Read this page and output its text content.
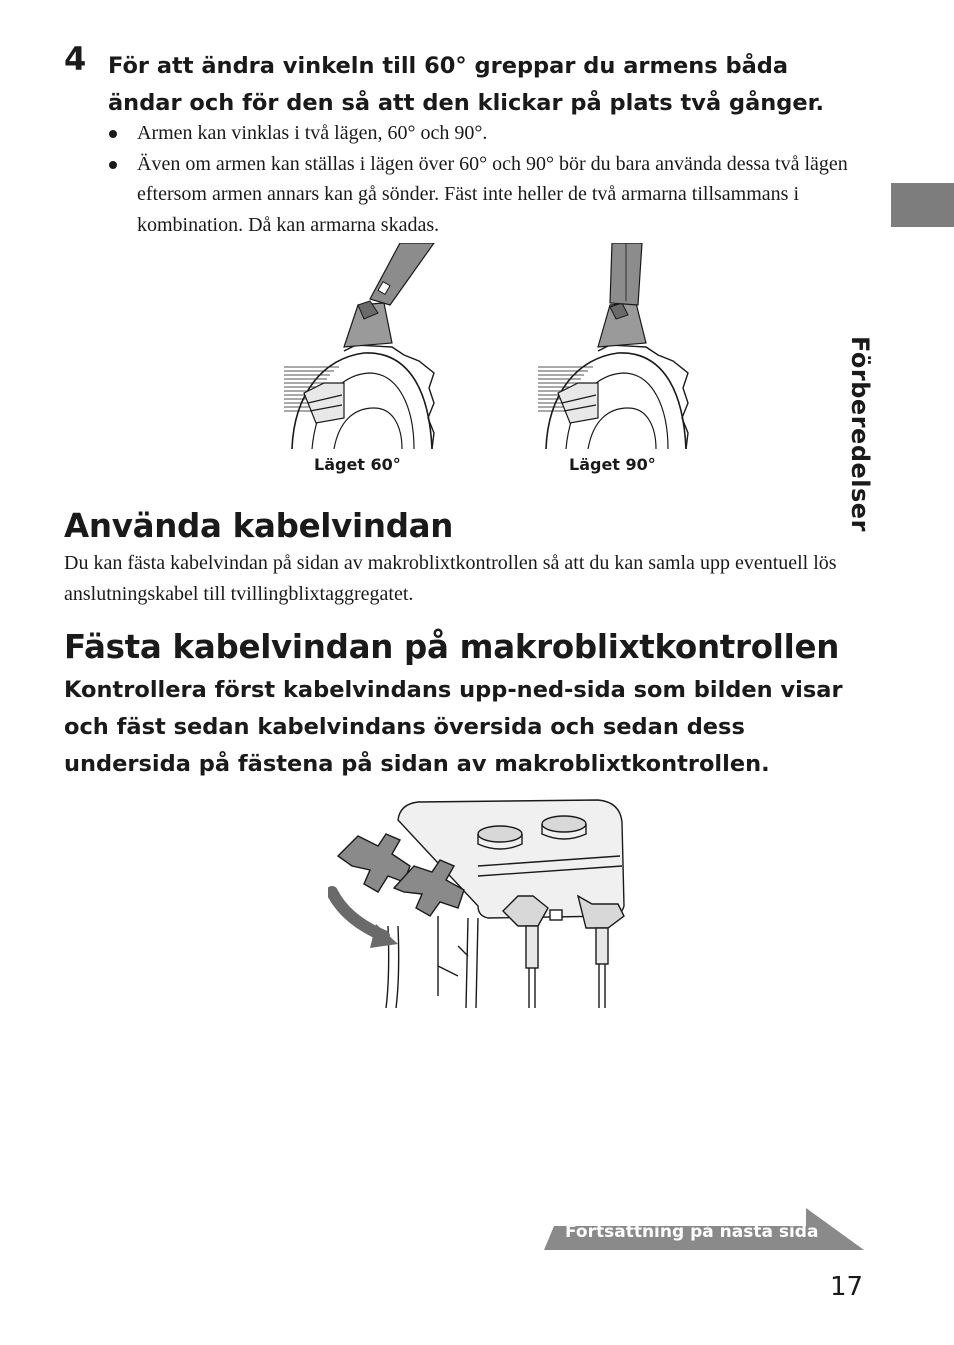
4 För att ändra vinkeln till 60° greppar du armens båda ändar och för den så att den klickar på plats två gånger.
Armen kan vinklas i två lägen, 60° och 90°.
Även om armen kan ställas i lägen över 60° och 90° bör du bara använda dessa två lägen eftersom armen annars kan gå sönder. Fäst inte heller de två armarna tillsammans i kombination. Då kan armarna skadas.
Förberedelser
Läget 60°	Läget 90°
Använda kabelvindan
Du kan fästa kabelvindan på sidan av makroblixtkontrollen så att du kan samla upp eventuell lös anslutningskabel till tvillingblixtaggregatet.
Fästa kabelvindan på makroblixtkontrollen
Kontrollera först kabelvindans upp-ned-sida som bilden visar och fäst sedan kabelvindans översida och sedan dess undersida på fästena på sidan av makroblixtkontrollen.
Fortsättning på nästa sida
17
